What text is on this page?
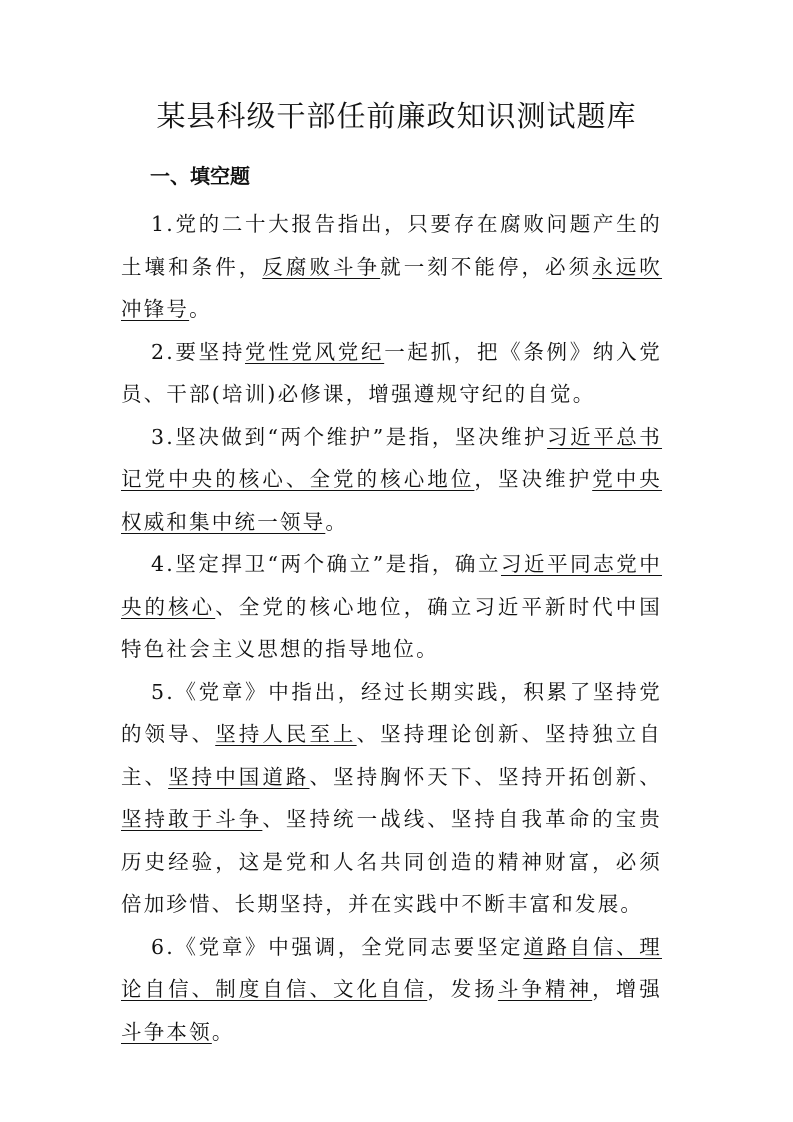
某县科级干部任前廉政知识测试题库
一、填空题

1.党的二十大报告指出，只要存在腐败问题产生的土壤和条件，反腐败斗争就一刻不能停，必须永远吹冲锋号。

2.要坚持党性党风党纪一起抓，把《条例》纳入党员、干部(培训)必修课，增强遵规守纪的自觉。

3.坚决做到“两个维护”是指，坚决维护习近平总书记党中央的核心、全党的核心地位，坚决维护党中央权威和集中统一领导。

4.坚定捍卫“两个确立”是指，确立习近平同志党中央的核心、全党的核心地位，确立习近平新时代中国特色社会主义思想的指导地位。

5.《党章》中指出，经过长期实践，积累了坚持党的领导、坚持人民至上、坚持理论创新、坚持独立自主、坚持中国道路、坚持胸怀天下、坚持开拓创新、坚持敢于斗争、坚持统一战线、坚持自我革命的宝贵历史经验，这是党和人名共同创造的精神财富，必须倍加珍惜、长期坚持，并在实践中不断丰富和发展。

6.《党章》中强调，全党同志要坚定道路自信、理论自信、制度自信、文化自信，发扬斗争精神，增强斗争本领。
